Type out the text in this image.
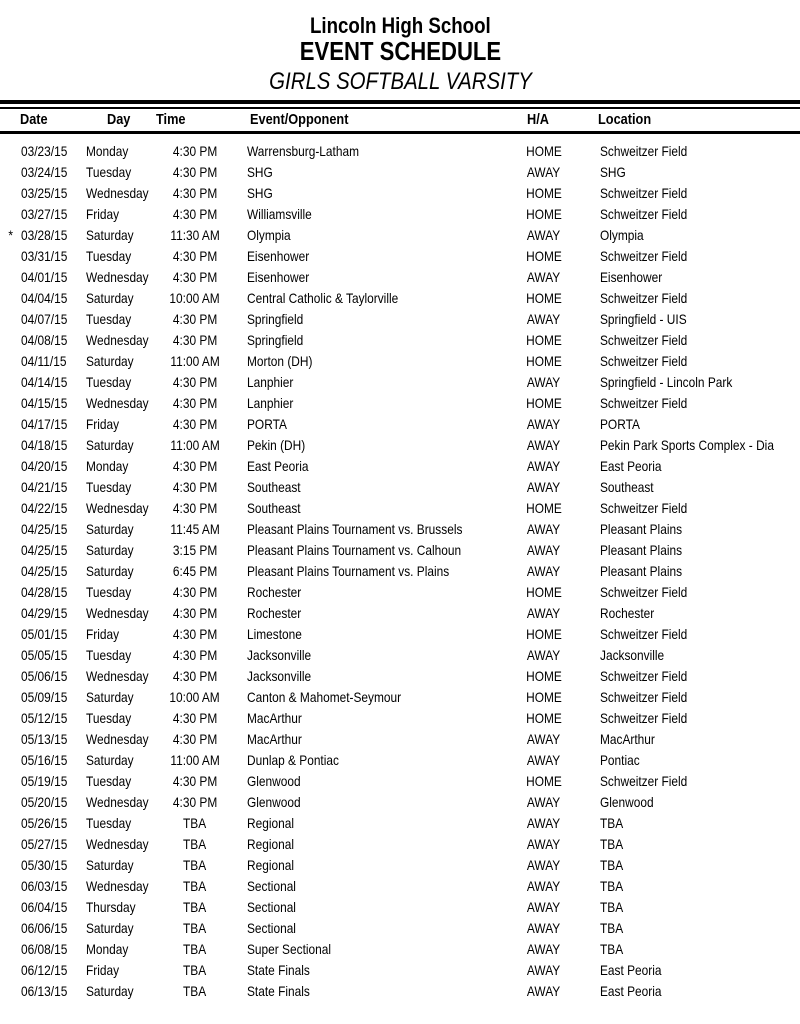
Lincoln High School
EVENT SCHEDULE
GIRLS SOFTBALL VARSITY
Date	Day Time	Event/Opponent	H/A	Location
03/23/15	Monday	4:30 PM	Warrensburg-Latham	HOME	Schweitzer Field
03/24/15	Tuesday	4:30 PM	SHG	AWAY	SHG
03/25/15	Wednesday	4:30 PM	SHG	HOME	Schweitzer Field
03/27/15	Friday	4:30 PM	Williamsville	HOME	Schweitzer Field
* 03/28/15	Saturday	11:30 AM	Olympia	AWAY	Olympia
03/31/15	Tuesday	4:30 PM	Eisenhower	HOME	Schweitzer Field
04/01/15	Wednesday	4:30 PM	Eisenhower	AWAY	Eisenhower
04/04/15	Saturday	10:00 AM	Central Catholic & Taylorville	HOME	Schweitzer Field
04/07/15	Tuesday	4:30 PM	Springfield	AWAY	Springfield - UIS
04/08/15	Wednesday	4:30 PM	Springfield	HOME	Schweitzer Field
04/11/15	Saturday	11:00 AM	Morton (DH)	HOME	Schweitzer Field
04/14/15	Tuesday	4:30 PM	Lanphier	AWAY	Springfield - Lincoln Park
04/15/15	Wednesday	4:30 PM	Lanphier	HOME	Schweitzer Field
04/17/15	Friday	4:30 PM	PORTA	AWAY	PORTA
04/18/15	Saturday	11:00 AM	Pekin (DH)	AWAY	Pekin Park Sports Complex - Dia
04/20/15	Monday	4:30 PM	East Peoria	AWAY	East Peoria
04/21/15	Tuesday	4:30 PM	Southeast	AWAY	Southeast
04/22/15	Wednesday	4:30 PM	Southeast	HOME	Schweitzer Field
04/25/15	Saturday	11:45 AM	Pleasant Plains Tournament vs. Brussels	AWAY	Pleasant Plains
04/25/15	Saturday	3:15 PM	Pleasant Plains Tournament vs. Calhoun	AWAY	Pleasant Plains
04/25/15	Saturday	6:45 PM	Pleasant Plains Tournament vs. Plains	AWAY	Pleasant Plains
04/28/15	Tuesday	4:30 PM	Rochester	HOME	Schweitzer Field
04/29/15	Wednesday	4:30 PM	Rochester	AWAY	Rochester
05/01/15	Friday	4:30 PM	Limestone	HOME	Schweitzer Field
05/05/15	Tuesday	4:30 PM	Jacksonville	AWAY	Jacksonville
05/06/15	Wednesday	4:30 PM	Jacksonville	HOME	Schweitzer Field
05/09/15	Saturday	10:00 AM	Canton & Mahomet-Seymour	HOME	Schweitzer Field
05/12/15	Tuesday	4:30 PM	MacArthur	HOME	Schweitzer Field
05/13/15	Wednesday	4:30 PM	MacArthur	AWAY	MacArthur
05/16/15	Saturday	11:00 AM	Dunlap & Pontiac	AWAY	Pontiac
05/19/15	Tuesday	4:30 PM	Glenwood	HOME	Schweitzer Field
05/20/15	Wednesday	4:30 PM	Glenwood	AWAY	Glenwood
05/26/15	Tuesday	TBA	Regional	AWAY	TBA
05/27/15	Wednesday	TBA	Regional	AWAY	TBA
05/30/15	Saturday	TBA	Regional	AWAY	TBA
06/03/15	Wednesday	TBA	Sectional	AWAY	TBA
06/04/15	Thursday	TBA	Sectional	AWAY	TBA
06/06/15	Saturday	TBA	Sectional	AWAY	TBA
06/08/15	Monday	TBA	Super Sectional	AWAY	TBA
06/12/15	Friday	TBA	State Finals	AWAY	East Peoria
06/13/15	Saturday	TBA	State Finals	AWAY	East Peoria
